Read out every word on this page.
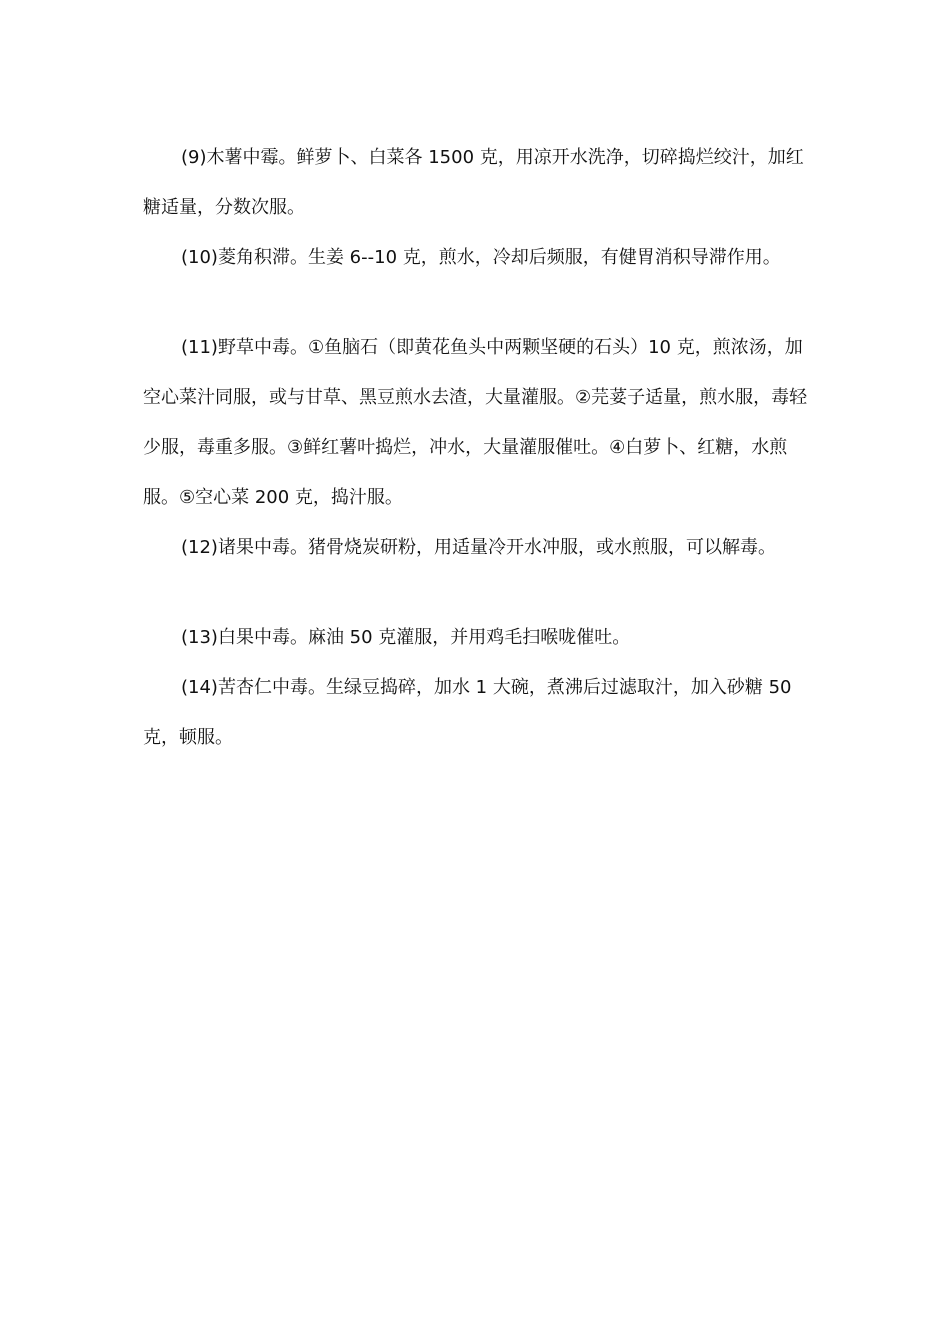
(9)木薯中霉。鲜萝卜、白菜各 1500 克，用凉开水洗净，切碎捣烂绞汁，加红糖适量，分数次服。

(10)菱角积滞。生姜 6--10 克，煎水，冷却后频服，有健胃消积导滞作用。

(11)野草中毒。①鱼脑石（即黄花鱼头中两颗坚硬的石头）10 克，煎浓汤，加空心菜汁同服，或与甘草、黑豆煎水去渣，大量灌服。②芫荽子适量，煎水服，毒轻少服，毒重多服。③鲜红薯叶捣烂，冲水，大量灌服催吐。④白萝卜、红糖，水煎服。⑤空心菜 200 克，捣汁服。

(12)诸果中毒。猪骨烧炭研粉，用适量冷开水冲服，或水煎服，可以解毒。

(13)白果中毒。麻油 50 克灌服，并用鸡毛扫喉咙催吐。

(14)苦杏仁中毒。生绿豆捣碎，加水 1 大碗，煮沸后过滤取汁，加入砂糖 50 克，顿服。
